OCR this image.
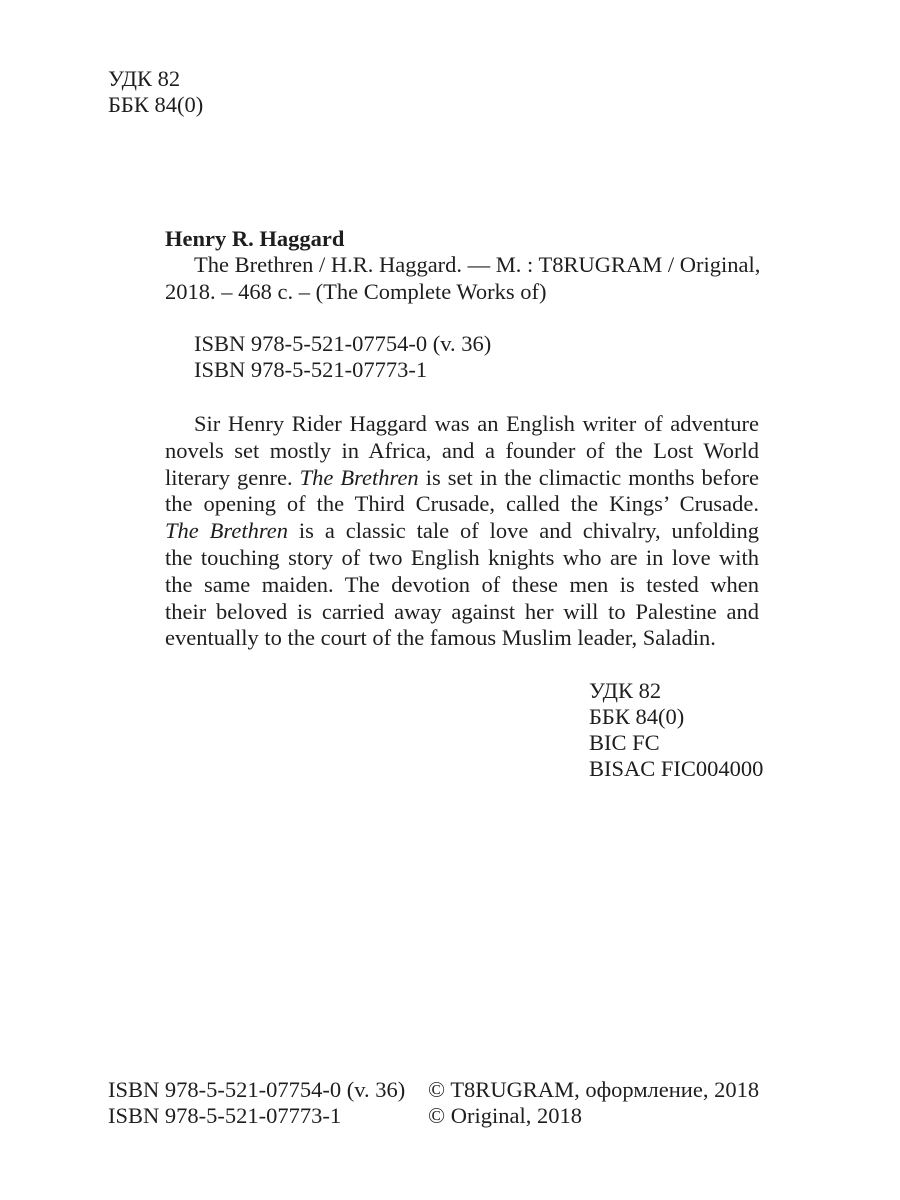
УДК 82
ББК 84(0)
Henry R. Haggard
The Brethren / H.R. Haggard. — M. : T8RUGRAM / Original,
2018. – 468 c. – (The Complete Works of)
ISBN 978-5-521-07754-0 (v. 36)
ISBN 978-5-521-07773-1
Sir Henry Rider Haggard was an English writer of adventure
novels set mostly in Africa, and a founder of the Lost World
literary genre. The Brethren is set in the climactic months before
the opening of the Third Crusade, called the Kings’ Crusade.
The Brethren is a classic tale of love and chivalry, unfolding
the touching story of two English knights who are in love with
the same maiden. The devotion of these men is tested when
their beloved is carried away against her will to Palestine and
eventually to the court of the famous Muslim leader, Saladin.
УДК 82
ББК 84(0)
BIC FC
BISAC FIC004000
ISBN 978-5-521-07754-0 (v. 36)
ISBN 978-5-521-07773-1
© T8RUGRAM, оформление, 2018
© Original, 2018
